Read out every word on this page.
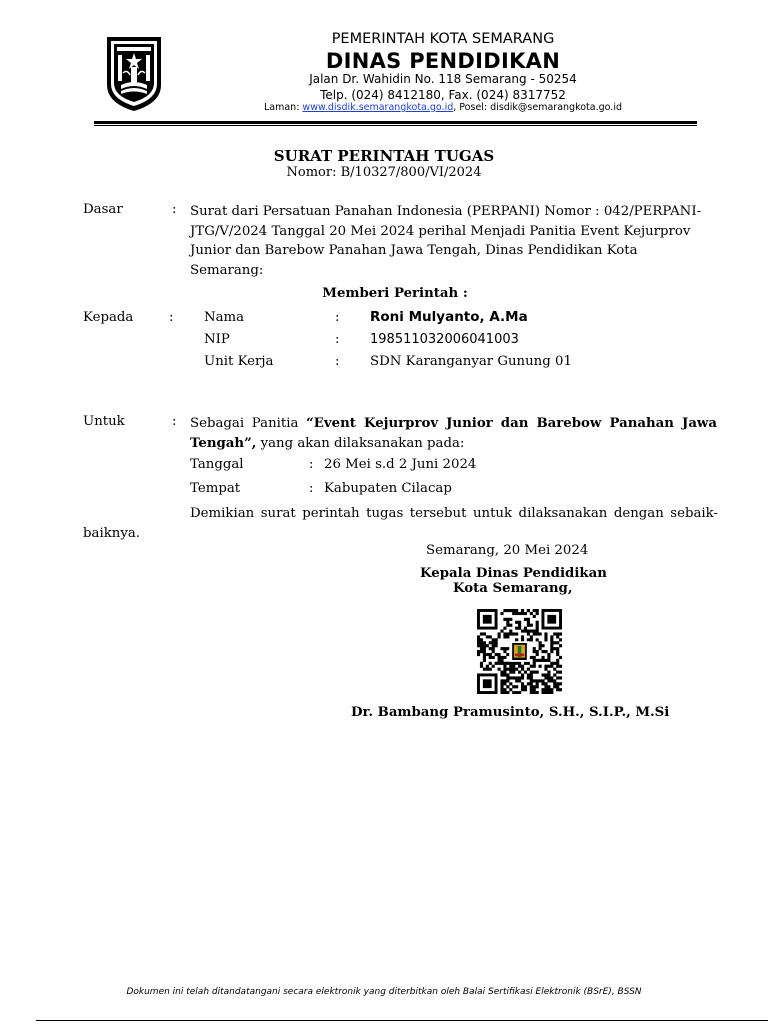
PEMERINTAH KOTA SEMARANG
DINAS PENDIDIKAN
Jalan Dr. Wahidin No. 118 Semarang - 50254
Telp. (024) 8412180, Fax. (024) 8317752
Laman: www.disdik.semarangkota.go.id, Posel: disdik@semarangkota.go.id
SURAT PERINTAH TUGAS
Nomor: B/10327/800/VI/2024
Dasar	: Surat dari Persatuan Panahan Indonesia (PERPANI) Nomor : 042/PERPANI-JTG/V/2024 Tanggal 20 Mei 2024 perihal Menjadi Panitia Event Kejurprov Junior dan Barebow Panahan Jawa Tengah, Dinas Pendidikan Kota Semarang:
Memberi Perintah :
Kepada	: Nama	: Roni Mulyanto, A.Ma
NIP	: 198511032006041003
Unit Kerja	: SDN Karanganyar Gunung 01
Untuk	: Sebagai Panitia “Event Kejurprov Junior dan Barebow Panahan Jawa Tengah”, yang akan dilaksanakan pada:
Tanggal	: 26 Mei s.d 2 Juni 2024
Tempat	: Kabupaten Cilacap
Demikian surat perintah tugas tersebut untuk dilaksanakan dengan sebaik-baiknya.
Semarang, 20 Mei 2024
Kepala Dinas Pendidikan
Kota Semarang,
Dr. Bambang Pramusinto, S.H., S.I.P., M.Si
Dokumen ini telah ditandatangani secara elektronik yang diterbitkan oleh Balai Sertifikasi Elektronik (BSrE), BSSN
